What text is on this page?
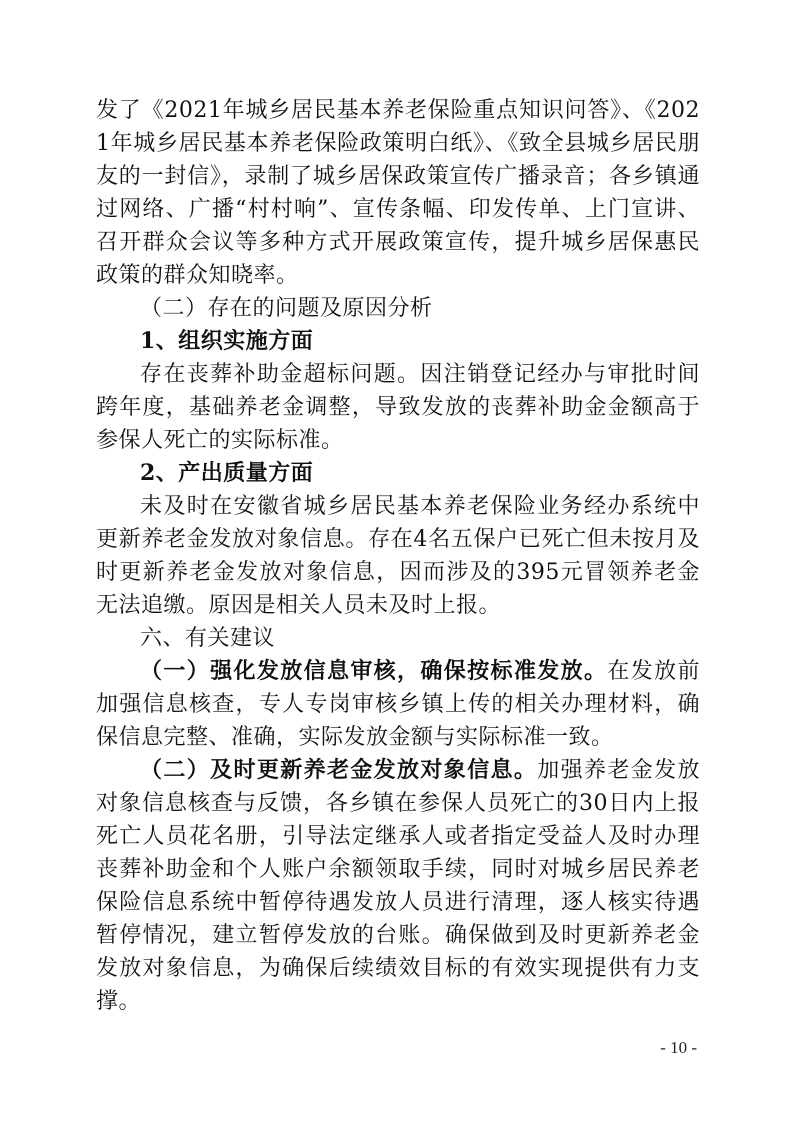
发了《2021年城乡居民基本养老保险重点知识问答》、《2021年城乡居民基本养老保险政策明白纸》、《致全县城乡居民朋友的一封信》，录制了城乡居保政策宣传广播录音；各乡镇通过网络、广播“村村响”、宣传条幅、印发传单、上门宣讲、召开群众会议等多种方式开展政策宣传，提升城乡居保惠民政策的群众知晓率。

（二）存在的问题及原因分析

1、组织实施方面

存在丧葬补助金超标问题。因注销登记经办与审批时间跨年度，基础养老金调整，导致发放的丧葬补助金金额高于参保人死亡的实际标准。

2、产出质量方面

未及时在安徽省城乡居民基本养老保险业务经办系统中更新养老金发放对象信息。存在4名五保户已死亡但未按月及时更新养老金发放对象信息，因而涉及的395元冒领养老金无法追缴。原因是相关人员未及时上报。

六、有关建议

（一）强化发放信息审核，确保按标准发放。在发放前加强信息核查，专人专岗审核乡镇上传的相关办理材料，确保信息完整、准确，实际发放金额与实际标准一致。

（二）及时更新养老金发放对象信息。加强养老金发放对象信息核查与反馈，各乡镇在参保人员死亡的30日内上报死亡人员花名册，引导法定继承人或者指定受益人及时办理丧葬补助金和个人账户余额领取手续，同时对城乡居民养老保险信息系统中暂停待遇发放人员进行清理，逐人核实待遇暂停情况，建立暂停发放的台账。确保做到及时更新养老金发放对象信息，为确保后续绩效目标的有效实现提供有力支撑。

- 10 -
